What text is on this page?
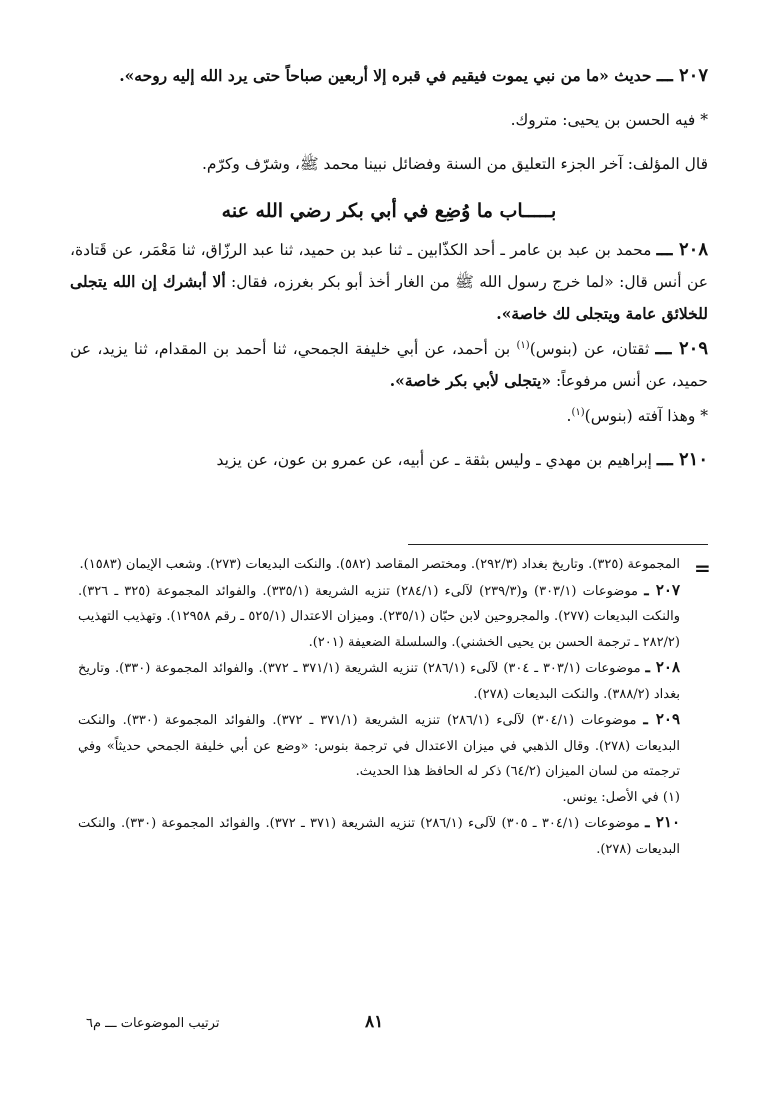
٢٠٧ ـــ حديث «ما من نبي يموت فيقيم في قبره إلا أربعين صباحاً حتى يرد الله إليه روحه».

* فيه الحسن بن يحيى: متروك.

قال المؤلف: آخر الجزء التعليق من السنة وفضائل نبينا محمد ﷺ، وشرّف وكرّم.

بـــــاب ما وُضِع في أبي بكر رضي الله عنه

٢٠٨ ـــ محمد بن عبد بن عامر ـ أحد الكذّابين ـ ثنا عبد بن حميد، ثنا عبد الرزّاق، ثنا مَعْمَر، عن قَتادة، عن أنس قال: «لما خرج رسول الله ﷺ من الغار أخذ أبو بكر بغرزه، فقال: ألا أبشرك إن الله يتجلى للخلائق عامة ويتجلى لك خاصة».

٢٠٩ ـــ ثقتان، عن (بنوس)$^{(١)}$ بن أحمد، عن أبي خليفة الجمحي، ثنا أحمد بن المقدام، ثنا يزيد، عن حميد، عن أنس مرفوعاً: «يتجلى لأبي بكر خاصة».

* وهذا آفته (بنوس)$^{(١)}$.

٢١٠ ـــ إبراهيم بن مهدي ـ وليس بثقة ـ عن أبيه، عن عمرو بن عون، عن يزيد

=

المجموعة (٣٢٥). وتاريخ بغداد (٢٩٢/٣). ومختصر المقاصد (٥٨٢). والنكت البديعات (٢٧٣). وشعب الإيمان (١٥٨٣).

٢٠٧ ـ موضوعات (٣٠٣/١) و(٢٣٩/٣) لآلىء (٢٨٤/١) تنزيه الشريعة (٣٣٥/١). والفوائد المجموعة (٣٢٥ ـ ٣٢٦). والنكت البديعات (٢٧٧). والمجروحين لابن حبّان (٢٣٥/١). وميزان الاعتدال (٥٢٥/١ ـ رقم ١٢٩٥٨). وتهذيب التهذيب (٢٨٢/٢ ـ ترجمة الحسن بن يحيى الخشني). والسلسلة الضعيفة (٢٠١).

٢٠٨ ـ موضوعات (٣٠٣/١ ـ ٣٠٤) لآلىء (٢٨٦/١) تنزيه الشريعة (٣٧١/١ ـ ٣٧٢). والفوائد المجموعة (٣٣٠). وتاريخ بغداد (٣٨٨/٢). والنكت البديعات (٢٧٨).

٢٠٩ ـ موضوعات (٣٠٤/١) لآلىء (٢٨٦/١) تنزيه الشريعة (٣٧١/١ ـ ٣٧٢). والفوائد المجموعة (٣٣٠). والنكت البديعات (٢٧٨). وقال الذهبي في ميزان الاعتدال في ترجمة بنوس: «وضع عن أبي خليفة الجمحي حديثاً» وفي ترجمته من لسان الميزان (٦٤/٢) ذكر له الحافظ هذا الحديث.

(١) في الأصل: يونس.

٢١٠ ـ موضوعات (٣٠٤/١ ـ ٣٠٥) لآلىء (٢٨٦/١) تنزيه الشريعة (٣٧١ ـ ٣٧٢). والفوائد المجموعة (٣٣٠). والنكت البديعات (٢٧٨).

٨١
ترتيب الموضوعات ـــ م٦
